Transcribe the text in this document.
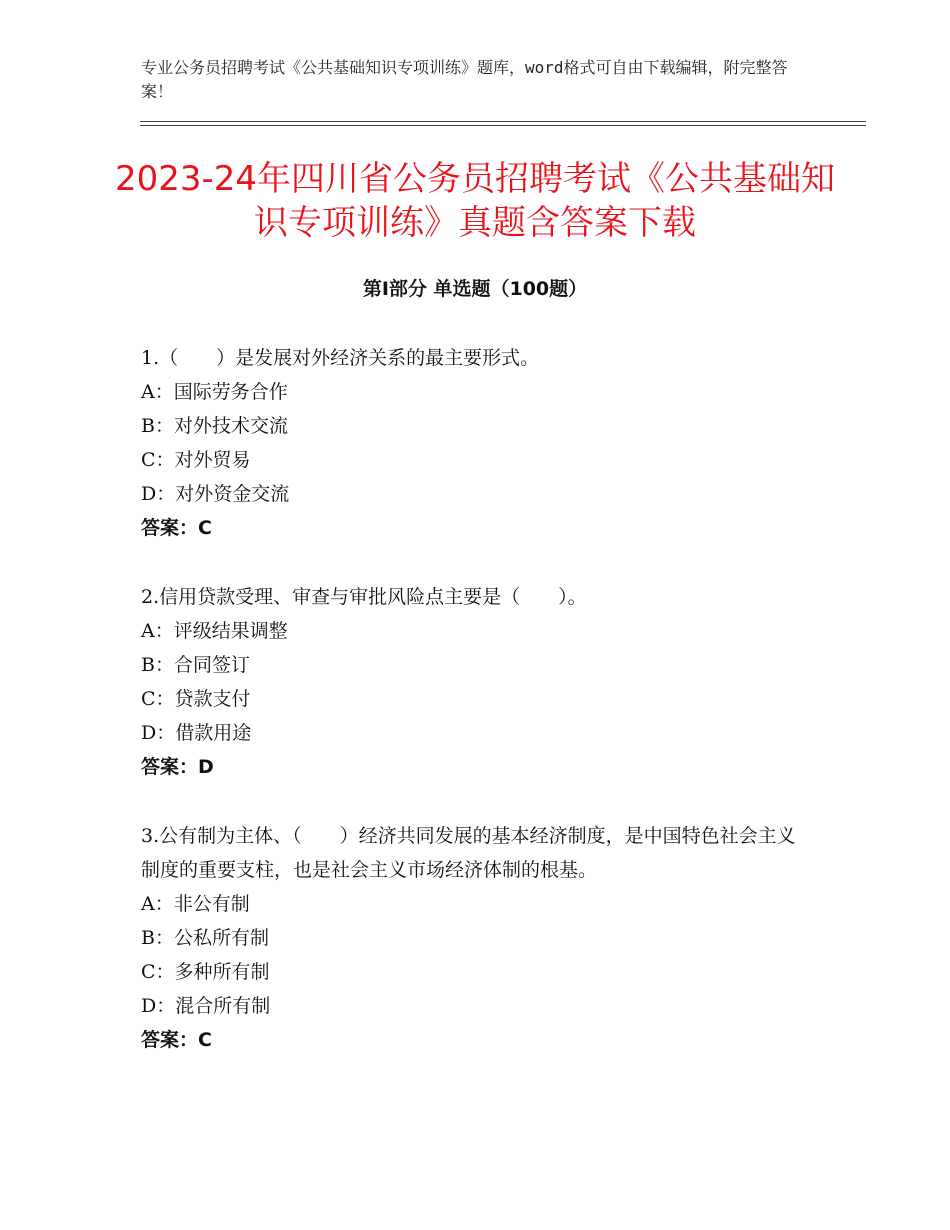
专业公务员招聘考试《公共基础知识专项训练》题库，word格式可自由下载编辑，附完整答案！
2023-24年四川省公务员招聘考试《公共基础知识专项训练》真题含答案下载
第Ⅰ部分 单选题（100题）

1.（　　）是发展对外经济关系的最主要形式。

A：国际劳务合作

B：对外技术交流

C：对外贸易

D：对外资金交流

答案：C

2.信用贷款受理、审查与审批风险点主要是（　　）。

A：评级结果调整

B：合同签订

C：贷款支付

D：借款用途

答案：D

3.公有制为主体、（　　）经济共同发展的基本经济制度，是中国特色社会主义制度的重要支柱，也是社会主义市场经济体制的根基。

A：非公有制

B：公私所有制

C：多种所有制

D：混合所有制

答案：C
